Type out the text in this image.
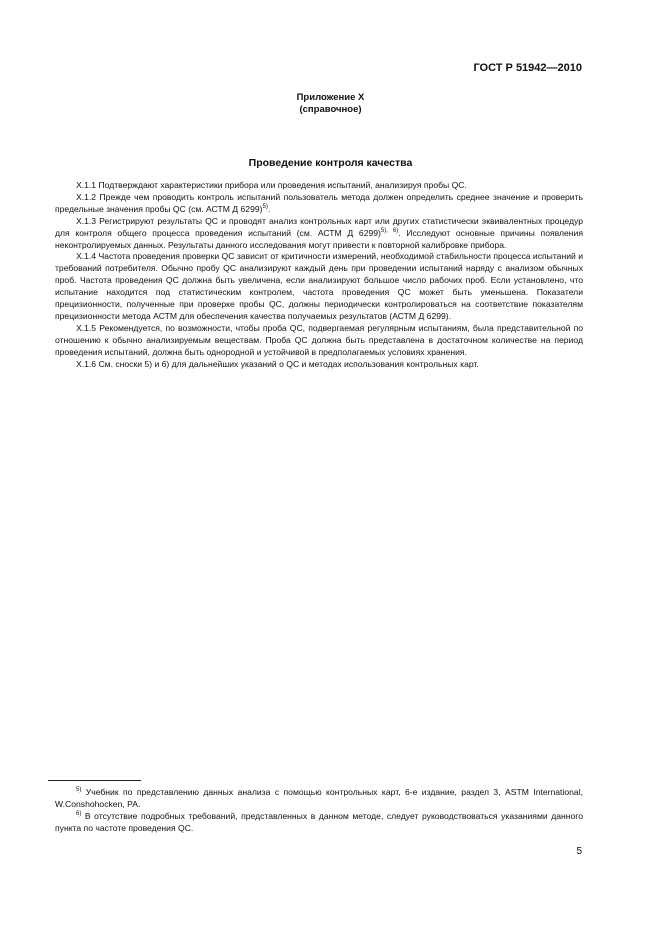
ГОСТ Р 51942—2010
Приложение X
(справочное)
Проведение контроля качества

X.1.1 Подтверждают характеристики прибора или проведения испытаний, анализируя пробы QC.

X.1.2 Прежде чем проводить контроль испытаний пользователь метода должен определить среднее значение и проверить предельные значения пробы QC (см. АСТМ Д 6299)$^{5)}$.

X.1.3 Регистрируют результаты QC и проводят анализ контрольных карт или других статистически эквивалентных процедур для контроля общего процесса проведения испытаний (см. АСТМ Д 6299)$^{5), 6)}$. Исследуют основные причины появления неконтролируемых данных. Результаты данного исследования могут привести к повторной калибровке прибора.

X.1.4 Частота проведения проверки QC зависит от критичности измерений, необходимой стабильности процесса испытаний и требований потребителя. Обычно пробу QC анализируют каждый день при проведении испытаний наряду с анализом обычных проб. Частота проведения QC должна быть увеличена, если анализируют большое число рабочих проб. Если установлено, что испытание находится под статистическим контролем, частота проведения QC может быть уменьшена. Показатели прецизионности, полученные при проверке пробы QC, должны периодически контролироваться на соответствие показателям прецизионности метода АСТМ для обеспечения качества получаемых результатов (АСТМ Д 6299).

X.1.5 Рекомендуется, по возможности, чтобы проба QC, подвергаемая регулярным испытаниям, была представительной по отношению к обычно анализируемым веществам. Проба QC должна быть представлена в достаточном количестве на период проведения испытаний, должна быть однородной и устойчивой в предполагаемых условиях хранения.

X.1.6 См. сноски 5) и 6) для дальнейших указаний о QC и методах использования контрольных карт.

$^{5)}$ Учебник по представлению данных анализа с помощью контрольных карт, 6-е издание, раздел 3, ASTM International, W.Conshohocken, PA.

$^{6)}$ В отсутствие подробных требований, представленных в данном методе, следует руководствоваться указаниями данного пункта по частоте проведения QC.

5
